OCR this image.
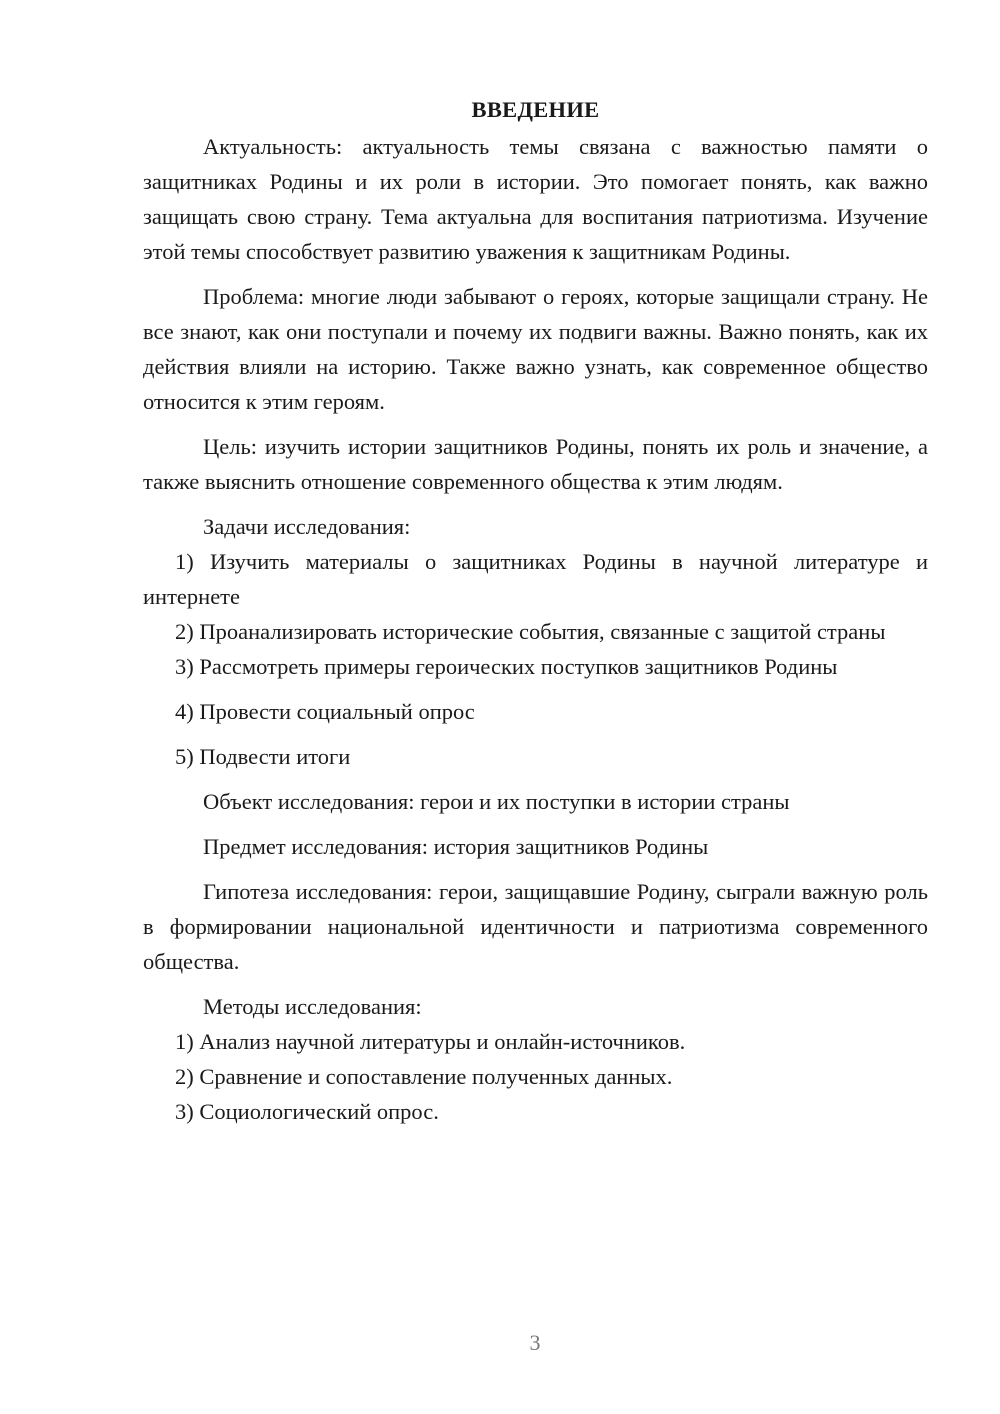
ВВЕДЕНИЕ

Актуальность: актуальность темы связана с важностью памяти о защитниках Родины и их роли в истории. Это помогает понять, как важно защищать свою страну. Тема актуальна для воспитания патриотизма. Изучение этой темы способствует развитию уважения к защитникам Родины.

Проблема: многие люди забывают о героях, которые защищали страну. Не все знают, как они поступали и почему их подвиги важны. Важно понять, как их действия влияли на историю. Также важно узнать, как современное общество относится к этим героям.

Цель: изучить истории защитников Родины, понять их роль и значение, а также выяснить отношение современного общества к этим людям.

Задачи исследования:

1) Изучить материалы о защитниках Родины в научной литературе и интернете

2) Проанализировать исторические события, связанные с защитой страны

3) Рассмотреть примеры героических поступков защитников Родины

4) Провести социальный опрос

5) Подвести итоги

Объект исследования: герои и их поступки в истории страны

Предмет исследования: история защитников Родины

Гипотеза исследования: герои, защищавшие Родину, сыграли важную роль в формировании национальной идентичности и патриотизма современного общества.

Методы исследования:

1) Анализ научной литературы и онлайн-источников.

2) Сравнение и сопоставление полученных данных.

3) Социологический опрос.

3
